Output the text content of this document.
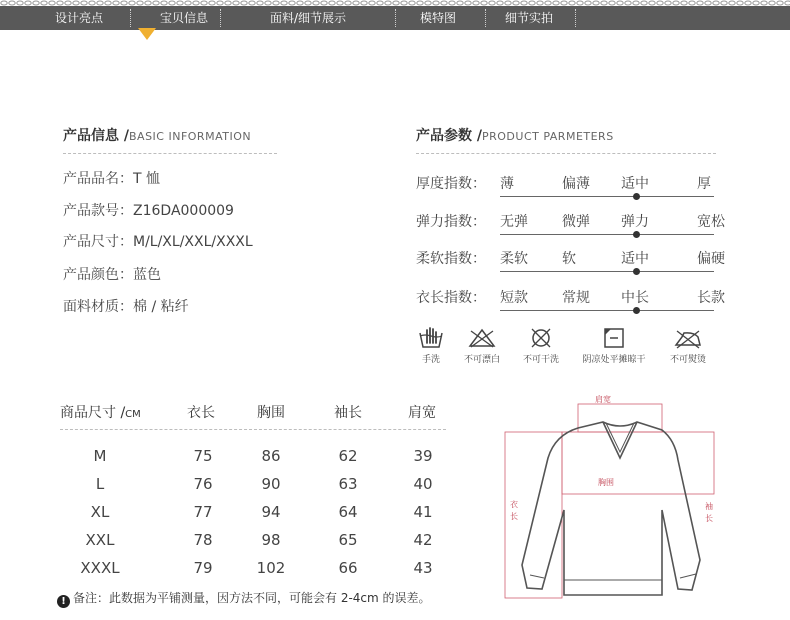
设计亮点	宝贝信息	面料/细节展示	模特图	细节实拍
产品信息 /BASIC INFORMATION
产品品名：T 恤
产品款号：Z16DA000009
产品尺寸：M/L/XL/XXL/XXXL
产品颜色：蓝色
面料材质：棉 / 粘纤
产品参数 /PRODUCT PARMETERS
厚度指数： 薄	偏薄 适中	厚
弹力指数： 无弹 微弹 弹力	宽松
柔软指数： 柔软 软	适中	偏硬
衣长指数： 短款 常规 中长	长款
手洗	不可漂白	不可干洗	阴凉处平摊晾干	不可熨烫
商品尺寸 /CM	衣长	胸围	袖长	肩宽
M	75	86	62	39
L	76	90	63	40
XL	77	94	64	41
XXL	78	98	65	42
XXXL	79	102	66	43
! 备注：此数据为平铺测量，因方法不同，可能会有 2-4cm 的误差。
肩宽
胸围
衣
长
袖
长
